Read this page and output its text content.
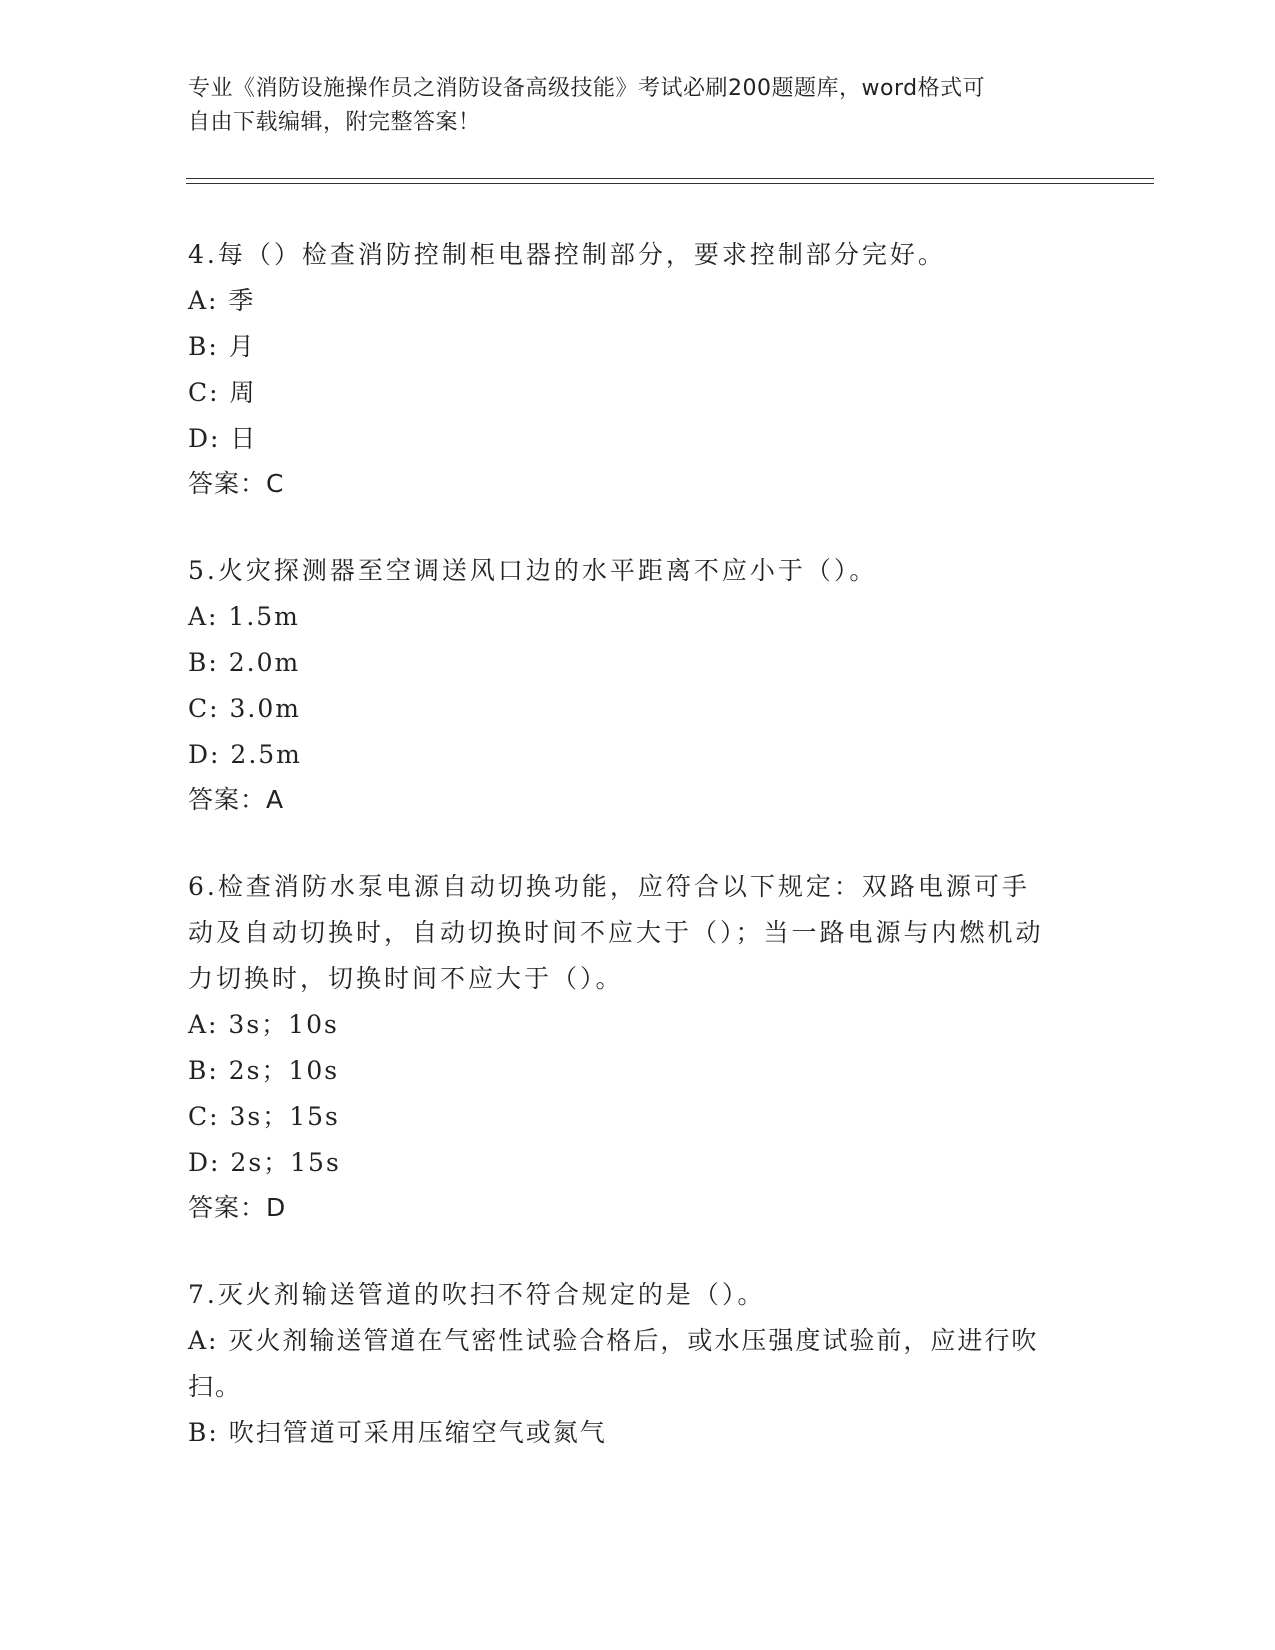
专业《消防设施操作员之消防设备高级技能》考试必刷200题题库，word格式可
自由下载编辑，附完整答案！
4.每（）检查消防控制柜电器控制部分，要求控制部分完好。
A: 季
B: 月
C: 周
D: 日
答案：C
5.火灾探测器至空调送风口边的水平距离不应小于（）。
A: 1.5m
B: 2.0m
C: 3.0m
D: 2.5m
答案：A
6.检查消防水泵电源自动切换功能，应符合以下规定：双路电源可手动及自动切换时，自动切换时间不应大于（）；当一路电源与内燃机动力切换时，切换时间不应大于（）。
A: 3s；10s
B: 2s；10s
C: 3s；15s
D: 2s；15s
答案：D
7.灭火剂输送管道的吹扫不符合规定的是（）。
A: 灭火剂输送管道在气密性试验合格后，或水压强度试验前，应进行吹扫。
B: 吹扫管道可采用压缩空气或氮气
